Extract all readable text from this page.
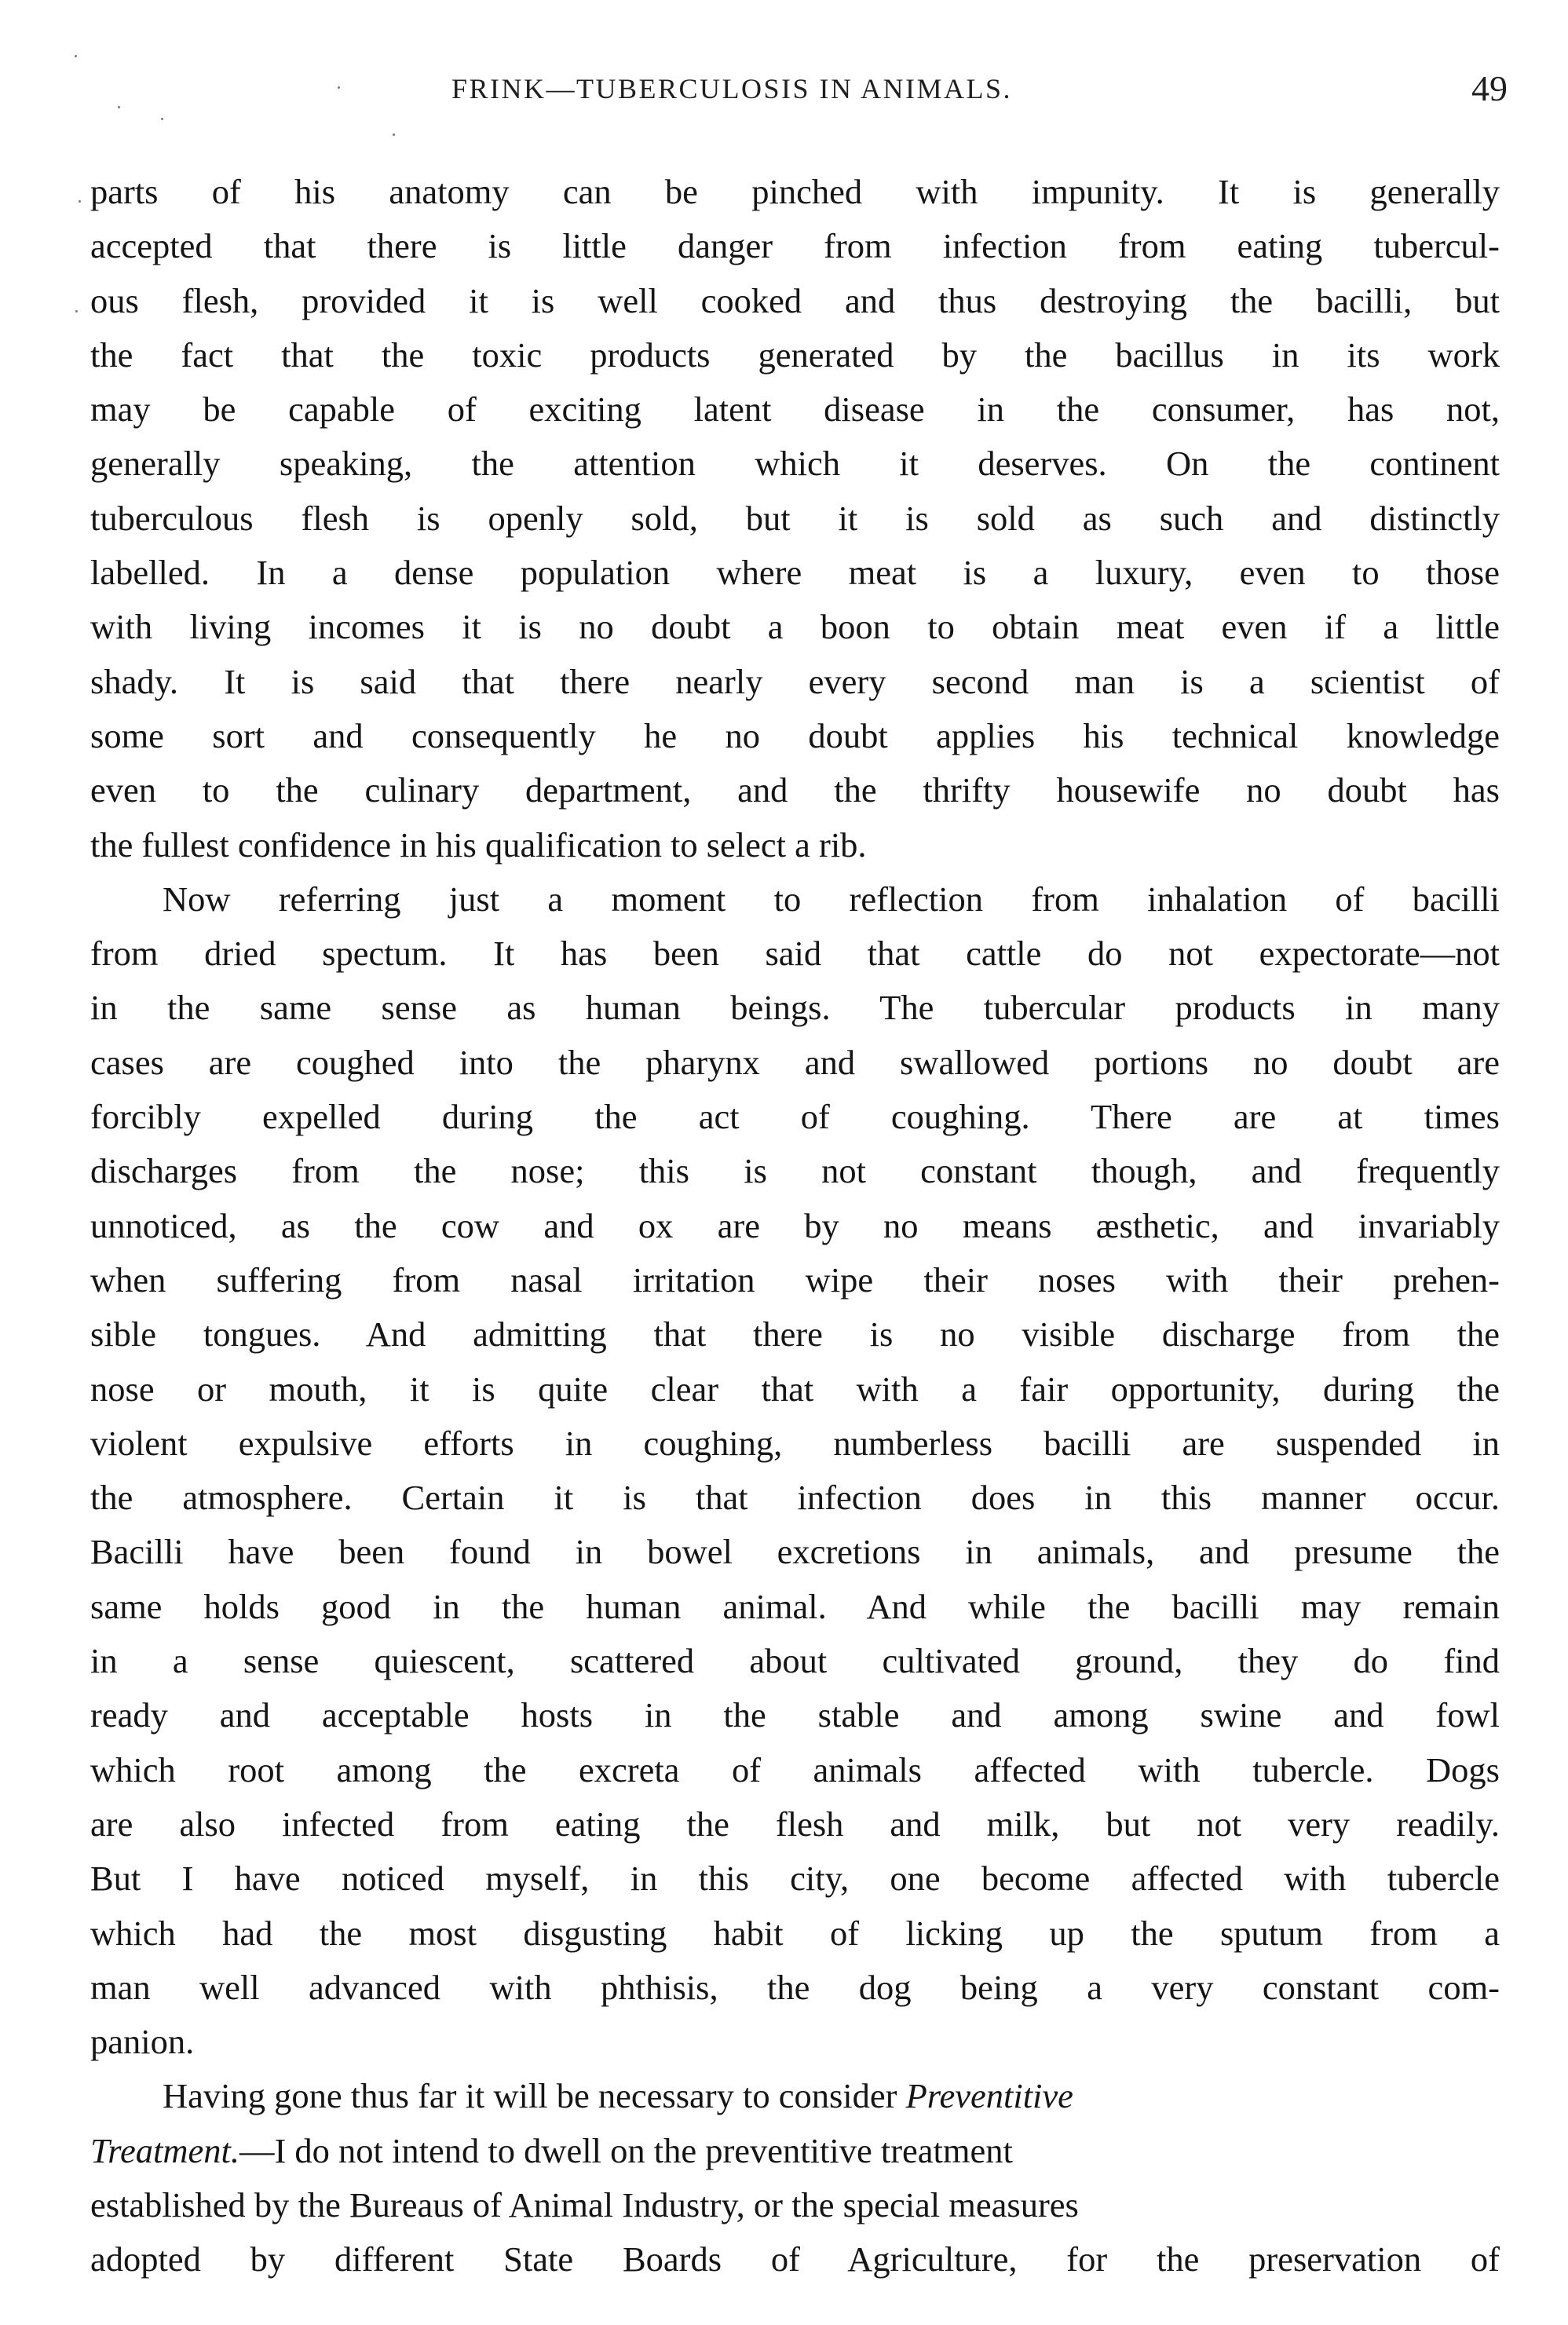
FRINK—TUBERCULOSIS IN ANIMALS.	49

parts of his anatomy can be pinched with impunity. It is generally
accepted that there is little danger from infection from eating tubercul-
ous flesh, provided it is well cooked and thus destroying the bacilli, but
the fact that the toxic products generated by the bacillus in its work
may be capable of exciting latent disease in the consumer, has not,
generally speaking, the attention which it deserves. On the continent
tuberculous flesh is openly sold, but it is sold as such and distinctly
labelled. In a dense population where meat is a luxury, even to those
with living incomes it is no doubt a boon to obtain meat even if a little
shady. It is said that there nearly every second man is a scientist of
some sort and consequently he no doubt applies his technical knowledge
even to the culinary department, and the thrifty housewife no doubt has
the fullest confidence in his qualification to select a rib.

Now referring just a moment to reflection from inhalation of bacilli
from dried spectum. It has been said that cattle do not expectorate—not
in the same sense as human beings. The tubercular products in many
cases are coughed into the pharynx and swallowed portions no doubt are
forcibly expelled during the act of coughing. There are at times
discharges from the nose; this is not constant though, and frequently
unnoticed, as the cow and ox are by no means æsthetic, and invariably
when suffering from nasal irritation wipe their noses with their prehen-
sible tongues. And admitting that there is no visible discharge from the
nose or mouth, it is quite clear that with a fair opportunity, during the
violent expulsive efforts in coughing, numberless bacilli are suspended in
the atmosphere. Certain it is that infection does in this manner occur.
Bacilli have been found in bowel excretions in animals, and presume the
same holds good in the human animal. And while the bacilli may remain
in a sense quiescent, scattered about cultivated ground, they do find
ready and acceptable hosts in the stable and among swine and fowl
which root among the excreta of animals affected with tubercle. Dogs
are also infected from eating the flesh and milk, but not very readily.
But I have noticed myself, in this city, one become affected with tubercle
which had the most disgusting habit of licking up the sputum from a
man well advanced with phthisis, the dog being a very constant com-
panion.

Having gone thus far it will be necessary to consider Preventitive
Treatment.—I do not intend to dwell on the preventitive treatment
established by the Bureaus of Animal Industry, or the special measures
adopted by different State Boards of Agriculture, for the preservation of
